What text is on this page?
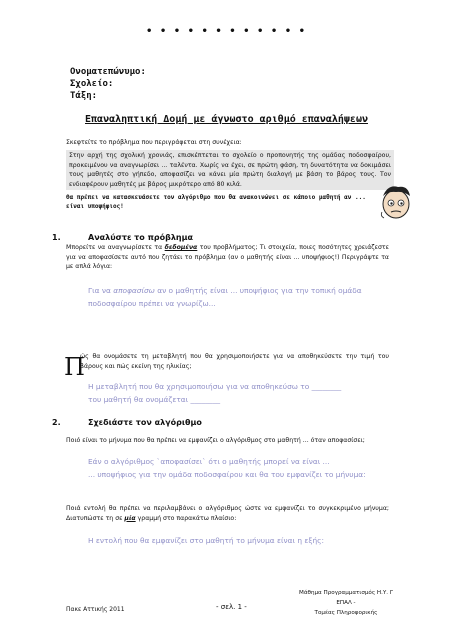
• • • • • • • • • • • •
Ονοματεπώνυμο:
Σχολείο:
Τάξη:
Επαναληπτική Δομή με άγνωστο αριθμό επαναλήψεων
Σκεφτείτε το πρόβλημα που περιγράφεται στη συνέχεια:
Στην αρχή της σχολική χρονιάς, επισκέπτεται το σχολείο ο προπονητής της ομάδας ποδοσφαίρου, προκειμένου να αναγνωρίσει ... ταλέντα. Χωρίς να έχει, σε πρώτη φάση, τη δυνατότητα να δοκιμάσει τους μαθητές στο γήπεδο, αποφασίζει να κάνει μία πρώτη διαλογή με βάση το βάρος τους. Τον ενδιαφέρουν μαθητές με βάρος μικρότερο από 80 κιλά.
Θα πρέπει να κατασκευάσετε τον αλγόριθμο που θα ανακοινώνει σε κάποιο μαθητή αν ... είναι υποψήφιος!
1.	Αναλύστε το πρόβλημα
Μπορείτε να αναγνωρίσετε τα δεδομένα του προβλήματος; Τι στοιχεία, ποιες ποσότητες χρειάζεστε για να αποφασίσετε αυτό που ζητάει το πρόβλημα (αν ο μαθητής είναι ... υποψήφιος!) Περιγράψτε τα με απλά λόγια:
Για να αποφασίσω αν ο μαθητής είναι ... υποψήφιος για την τοπική ομάδα ποδοσφαίρου πρέπει να γνωρίζω...
Π
ώς θα ονομάσετε τη μεταβλητή που θα χρησιμοποιήσετε για να αποθηκεύσετε την τιμή του βάρους και πώς εκείνη της ηλικίας;
Η μεταβλητή που θα χρησιμοποιήσω για να αποθηκεύσω το ________
του μαθητή θα ονομάζεται ________
2.	Σχεδιάστε τον αλγόριθμο
Ποιό είναι το μήνυμα που θα πρέπει να εμφανίζει ο αλγόριθμος στο μαθητή ... όταν αποφασίσει;
Εάν ο αλγόριθμος `αποφασίσει` ότι ο μαθητής μπορεί να είναι ...
... υποψήφιος για την ομάδα ποδοσφαίρου και θα του εμφανίζει το μήνυμα:
Ποιά εντολή θα πρέπει να περιλαμβάνει ο αλγόριθμος ώστε να εμφανίζει το συγκεκριμένο μήνυμα; Διατυπώστε τη σε μία γραμμή στο παρακάτω πλαίσιο:
Η εντολή που θα εμφανίζει στο μαθητή το μήνυμα είναι η εξής:
Πακε Αττικής 2011	- σελ. 1 -
Μάθημα Προγραμματισμός Η.Υ. Γ ΕΠΑΛ -
Τομέας Πληροφορικής
